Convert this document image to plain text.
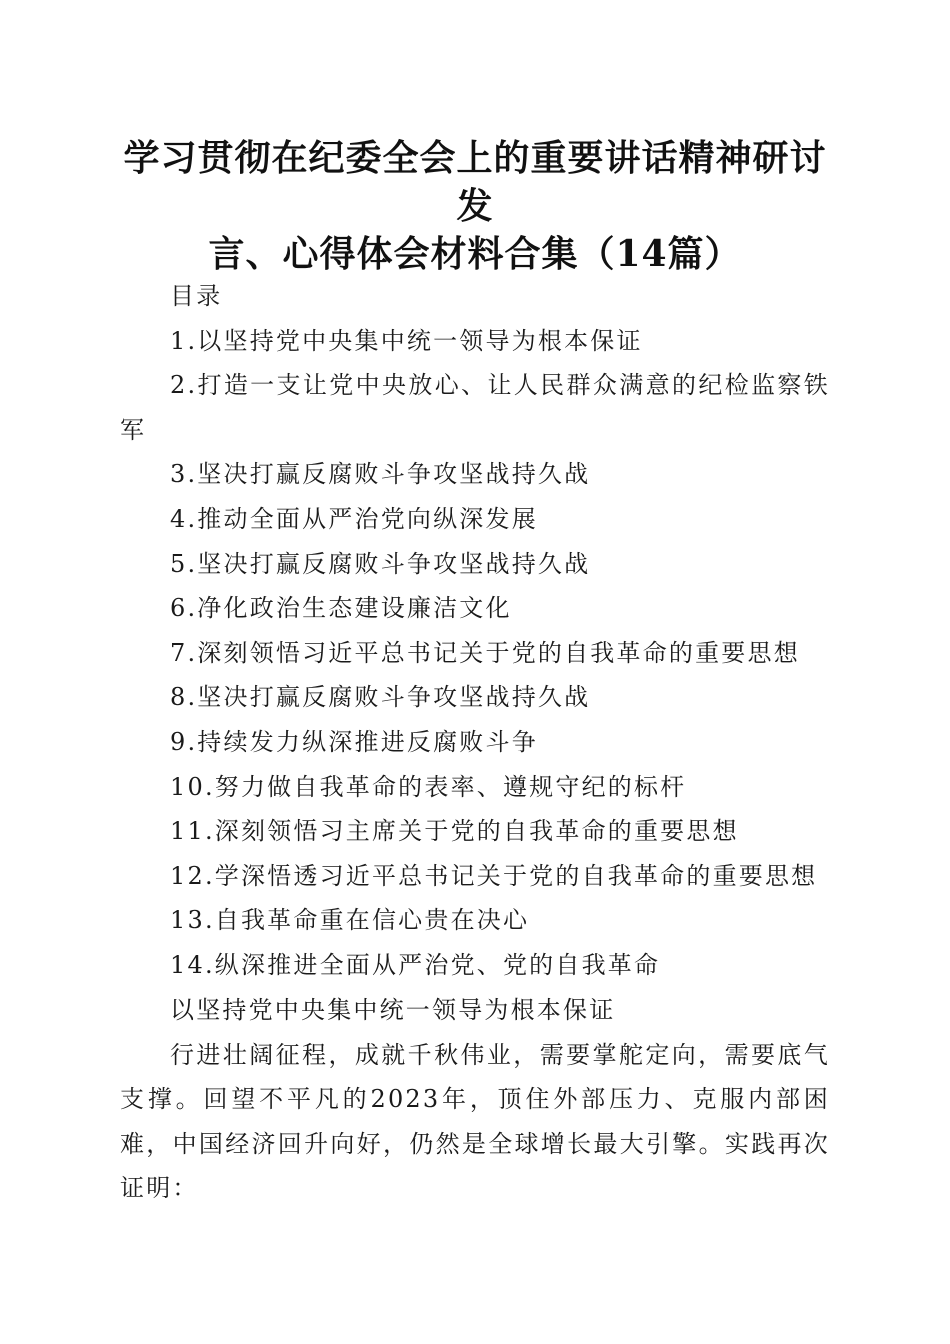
学习贯彻在纪委全会上的重要讲话精神研讨发
言、心得体会材料合集（14篇）

目录

1.以坚持党中央集中统一领导为根本保证

2.打造一支让党中央放心、让人民群众满意的纪检监察铁军

3.坚决打赢反腐败斗争攻坚战持久战

4.推动全面从严治党向纵深发展

5.坚决打赢反腐败斗争攻坚战持久战

6.净化政治生态建设廉洁文化

7.深刻领悟习近平总书记关于党的自我革命的重要思想

8.坚决打赢反腐败斗争攻坚战持久战

9.持续发力纵深推进反腐败斗争

10.努力做自我革命的表率、遵规守纪的标杆

11.深刻领悟习主席关于党的自我革命的重要思想

12.学深悟透习近平总书记关于党的自我革命的重要思想

13.自我革命重在信心贵在决心

14.纵深推进全面从严治党、党的自我革命

以坚持党中央集中统一领导为根本保证

行进壮阔征程，成就千秋伟业，需要掌舵定向，需要底气支撑。回望不平凡的2023年，顶住外部压力、克服内部困难，中国经济回升向好，仍然是全球增长最大引擎。实践再次证明：
